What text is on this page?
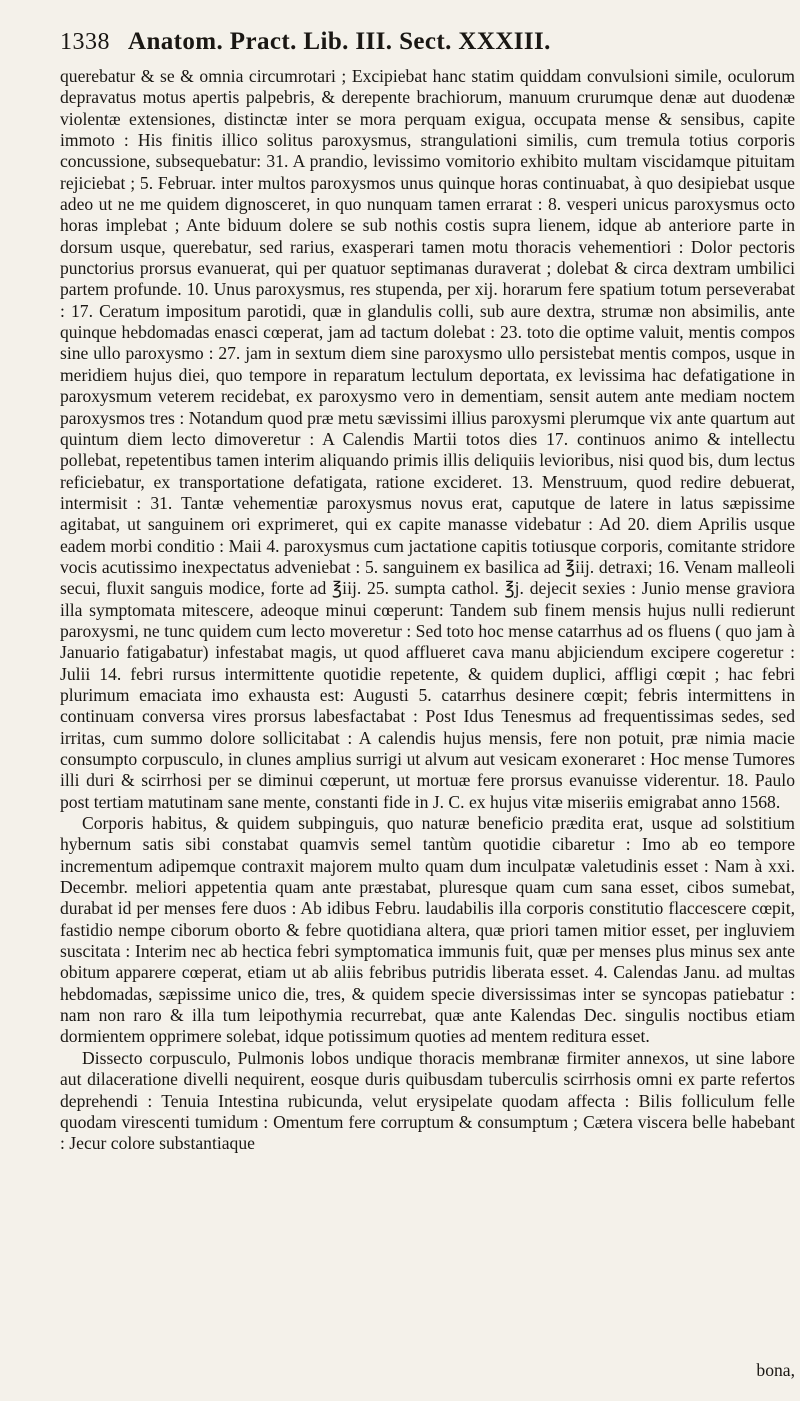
1338 Anatom. Pract. Lib. III. Sect. XXXIII.

querebatur & se & omnia circumrotari ; Excipiebat hanc statim quiddam convulsioni simile, oculorum depravatus motus apertis palpebris, & derepente brachiorum, manuum crurumque denæ aut duodenæ violentæ extensiones, distinctæ inter se mora perquam exigua, occupata mense & sensibus, capite immoto : His finitis illico solitus paroxysmus, strangulationi similis, cum tremula totius corporis concussione, subsequebatur: 31. A prandio, levissimo vomitorio exhibito multam viscidamque pituitam rejiciebat ; 5. Februar. inter multos paroxysmos unus quinque horas continuabat, à quo desipiebat usque adeo ut ne me quidem dignosceret, in quo nunquam tamen errarat : 8. vesperi unicus paroxysmus octo horas implebat ; Ante biduum dolere se sub nothis costis supra lienem, idque ab anteriore parte in dorsum usque, querebatur, sed rarius, exasperari tamen motu thoracis vehementiori : Dolor pectoris punctorius prorsus evanuerat, qui per quatuor septimanas duraverat ; dolebat & circa dextram umbilici partem profunde. 10. Unus paroxysmus, res stupenda, per xij. horarum fere spatium totum perseverabat : 17. Ceratum impositum parotidi, quæ in glandulis colli, sub aure dextra, strumæ non absimilis, ante quinque hebdomadas enasci cœperat, jam ad tactum dolebat : 23. toto die optime valuit, mentis compos sine ullo paroxysmo : 27. jam in sextum diem sine paroxysmo ullo persistebat mentis compos, usque in meridiem hujus diei, quo tempore in reparatum lectulum deportata, ex levissima hac defatigatione in paroxysmum veterem recidebat, ex paroxysmo vero in dementiam, sensit autem ante mediam noctem paroxysmos tres : Notandum quod præ metu sævissimi illius paroxysmi plerumque vix ante quartum aut quintum diem lecto dimoveretur : A Calendis Martii totos dies 17. continuos animo & intellectu pollebat, repetentibus tamen interim aliquando primis illis deliquiis levioribus, nisi quod bis, dum lectus reficiebatur, ex transportatione defatigata, ratione excideret. 13. Menstruum, quod redire debuerat, intermisit : 31. Tantæ vehementiæ paroxysmus novus erat, caputque de latere in latus sæpissime agitabat, ut sanguinem ori exprimeret, qui ex capite manasse videbatur : Ad 20. diem Aprilis usque eadem morbi conditio : Maii 4. paroxysmus cum jactatione capitis totiusque corporis, comitante stridore vocis acutissimo inexpectatus adveniebat : 5. sanguinem ex basilica ad ℥iij. detraxi; 16. Venam malleoli secui, fluxit sanguis modice, forte ad ℥iij. 25. sumpta cathol. ℥j. dejecit sexies : Junio mense graviora illa symptomata mitescere, adeoque minui cœperunt: Tandem sub finem mensis hujus nulli redierunt paroxysmi, ne tunc quidem cum lecto moveretur : Sed toto hoc mense catarrhus ad os fluens ( quo jam à Januario fatigabatur) infestabat magis, ut quod afflueret cava manu abjiciendum excipere cogeretur : Julii 14. febri rursus intermittente quotidie repetente, & quidem duplici, affligi cœpit ; hac febri plurimum emaciata imo exhausta est: Augusti 5. catarrhus desinere cœpit; febris intermittens in continuam conversa vires prorsus labesfactabat : Post Idus Tenesmus ad frequentissimas sedes, sed irritas, cum summo dolore sollicitabat : A calendis hujus mensis, fere non potuit, præ nimia macie consumpto corpusculo, in clunes amplius surrigi ut alvum aut vesicam exoneraret : Hoc mense Tumores illi duri & scirrhosi per se diminui cœperunt, ut mortuæ fere prorsus evanuisse viderentur. 18. Paulo post tertiam matutinam sane mente, constanti fide in J. C. ex hujus vitæ miseriis emigrabat anno 1568.

Corporis habitus, & quidem subpinguis, quo naturæ beneficio prædita erat, usque ad solstitium hybernum satis sibi constabat quamvis semel tantùm quotidie cibaretur : Imo ab eo tempore incrementum adipemque contraxit majorem multo quam dum inculpatæ valetudinis esset : Nam à xxi. Decembr. meliori appetentia quam ante præstabat, pluresque quam cum sana esset, cibos sumebat, durabat id per menses fere duos : Ab idibus Febru. laudabilis illa corporis constitutio flaccescere cœpit, fastidio nempe ciborum oborto & febre quotidiana altera, quæ priori tamen mitior esset, per ingluviem suscitata : Interim nec ab hectica febri symptomatica immunis fuit, quæ per menses plus minus sex ante obitum apparere cœperat, etiam ut ab aliis febribus putridis liberata esset. 4. Calendas Janu. ad multas hebdomadas, sæpissime unico die, tres, & quidem specie diversissimas inter se syncopas patiebatur : nam non raro & illa tum leipothymia recurrebat, quæ ante Kalendas Dec. singulis noctibus etiam dormientem opprimere solebat, idque potissimum quoties ad mentem reditura esset.

Dissecto corpusculo, Pulmonis lobos undique thoracis membranæ firmiter annexos, ut sine labore aut dilaceratione divelli nequirent, eosque duris quibusdam tuberculis scirrhosis omni ex parte refertos deprehendi : Tenuia Intestina rubicunda, velut erysipelate quodam affecta : Bilis folliculum felle quodam virescenti tumidum : Omentum fere corruptum & consumptum ; Cætera viscera belle habebant : Jecur colore substantiaque

bona,
